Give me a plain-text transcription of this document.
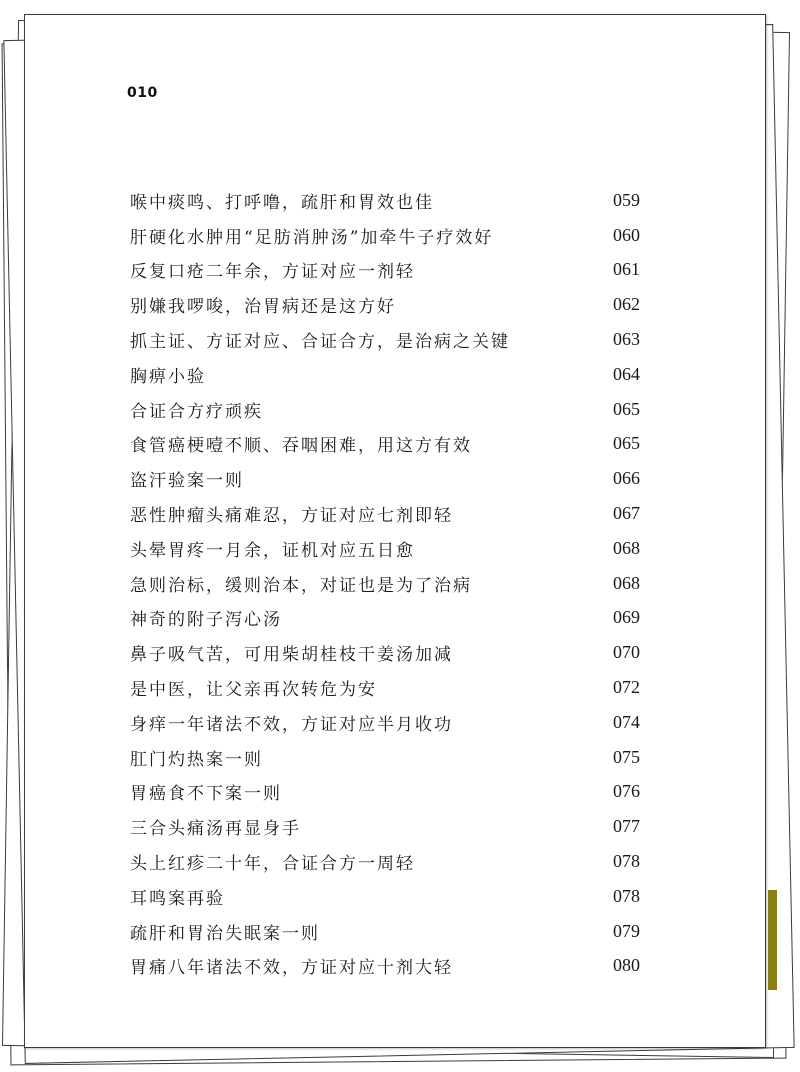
010
喉中痰鸣、打呼噜，疏肝和胃效也佳	059
肝硬化水肿用“足肪消肿汤”加牵牛子疗效好	060
反复口疮二年余，方证对应一剂轻	061
别嫌我啰唆，治胃病还是这方好	062
抓主证、方证对应、合证合方，是治病之关键	063
胸痹小验	064
合证合方疗顽疾	065
食管癌梗噎不顺、吞咽困难，用这方有效	065
盗汗验案一则	066
恶性肿瘤头痛难忍，方证对应七剂即轻	067
头晕胃疼一月余，证机对应五日愈	068
急则治标，缓则治本，对证也是为了治病	068
神奇的附子泻心汤	069
鼻子吸气苦，可用柴胡桂枝干姜汤加减	070
是中医，让父亲再次转危为安	072
身痒一年诸法不效，方证对应半月收功	074
肛门灼热案一则	075
胃癌食不下案一则	076
三合头痛汤再显身手	077
头上红疹二十年，合证合方一周轻	078
耳鸣案再验	078
疏肝和胃治失眠案一则	079
胃痛八年诸法不效，方证对应十剂大轻	080
